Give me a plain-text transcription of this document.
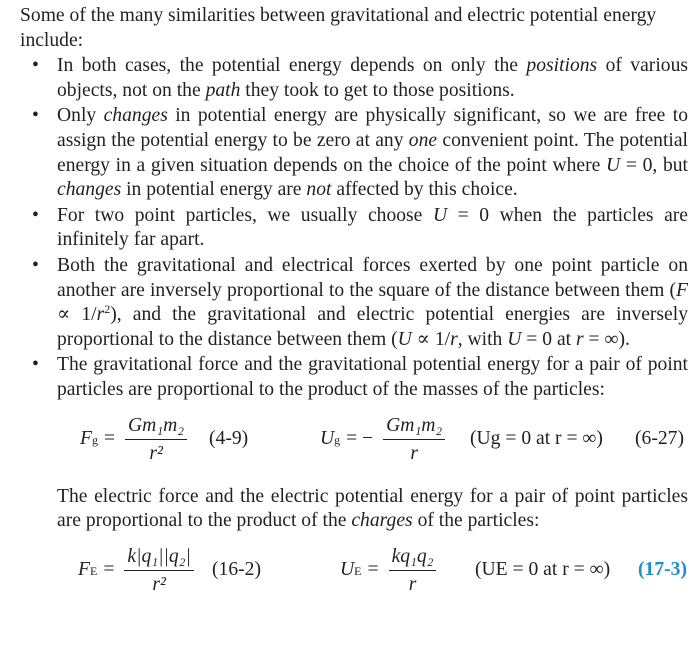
Some of the many similarities between gravitational and electric potential energy
include:

• In both cases, the potential energy depends on only the positions of various objects, not on the path they took to get to those positions.
• Only changes in potential energy are physically significant, so we are free to assign the potential energy to be zero at any one convenient point. The potential energy in a given situation depends on the choice of the point where U = 0, but changes in potential energy are not affected by this choice.
• For two point particles, we usually choose U = 0 when the particles are infinitely far apart.
• Both the gravitational and electrical forces exerted by one point particle on another are inversely proportional to the square of the distance between them $(F \propto 1/r^2)$, and the gravitational and electric potential energies are inversely proportional to the distance between them (U ∝ 1/r, with U = 0 at r = ∞).
• The gravitational force and the gravitational potential energy for a pair of point particles are proportional to the product of the masses of the particles:
F $g = \frac{\text{Gm₁m₂}}{\text{r²}} (4-9)$	U g = − $\frac{\text{Gm₁m₂}}{r} (Ug = 0$ at r = ∞) (6-27)

The electric force and the electric potential energy for a pair of point particles are proportional to the product of the charges of the particles:

F $E = \frac{\text{k|q₁||q₂|}}{\text{r²}} (16-2)$	U $E = \frac{\text{kq₁q₂}}{r} (UE = 0$ at r = ∞) (17-3)
